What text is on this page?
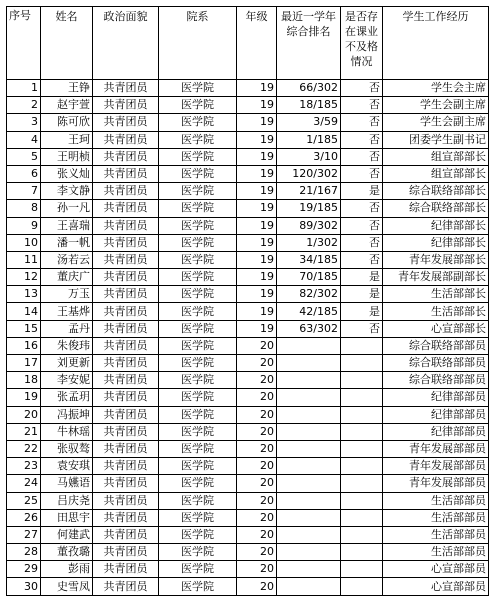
序号	姓名	政治面貌	院系	年级	最近一学年综合排名	是否存在课业不及格情况	学生工作经历
1	王铮	共青团员	医学院	19	66/302	否	学生会主席
2	赵宇萱	共青团员	医学院	19	18/185	否	学生会副主席
3	陈可欣	共青团员	医学院	19	3/59	否	学生会副主席
4	王珂	共青团员	医学院	19	1/185	否	团委学生副书记
5	王明桢	共青团员	医学院	19	3/10	否	组宣部部长
6	张义灿	共青团员	医学院	19	120/302	否	组宣部部长
7	李文静	共青团员	医学院	19	21/167	是	综合联络部部长
8	孙一凡	共青团员	医学院	19	19/185	否	综合联络部部长
9	王喜瑞	共青团员	医学院	19	89/302	否	纪律部部长
10	潘一帆	共青团员	医学院	19	1/302	否	纪律部部长
11	汤若云	共青团员	医学院	19	34/185	否	青年发展部部长
12	董庆广	共青团员	医学院	19	70/185	是	青年发展部副部长
13	万玉	共青团员	医学院	19	82/302	是	生活部部长
14	王基烨	共青团员	医学院	19	42/185	是	生活部部长
15	孟丹	共青团员	医学院	19	63/302	否	心宣部部长
16	朱俊玮	共青团员	医学院	20			综合联络部部员
17	刘更新	共青团员	医学院	20			综合联络部部员
18	李安妮	共青团员	医学院	20			综合联络部部员
19	张孟玥	共青团员	医学院	20			纪律部部员
20	冯振坤	共青团员	医学院	20			纪律部部员
21	牛林瑶	共青团员	医学院	20			纪律部部员
22	张驭骜	共青团员	医学院	20			青年发展部部员
23	袁安琪	共青团员	医学院	20			青年发展部部员
24	马嬿语	共青团员	医学院	20			青年发展部部员
25	吕庆尧	共青团员	医学院	20			生活部部员
26	田思宇	共青团员	医学院	20			生活部部员
27	何建武	共青团员	医学院	20			生活部部员
28	董孜璐	共青团员	医学院	20			生活部部员
29	彭雨	共青团员	医学院	20			心宣部部员
30	史雪凤	共青团员	医学院	20			心宣部部员
